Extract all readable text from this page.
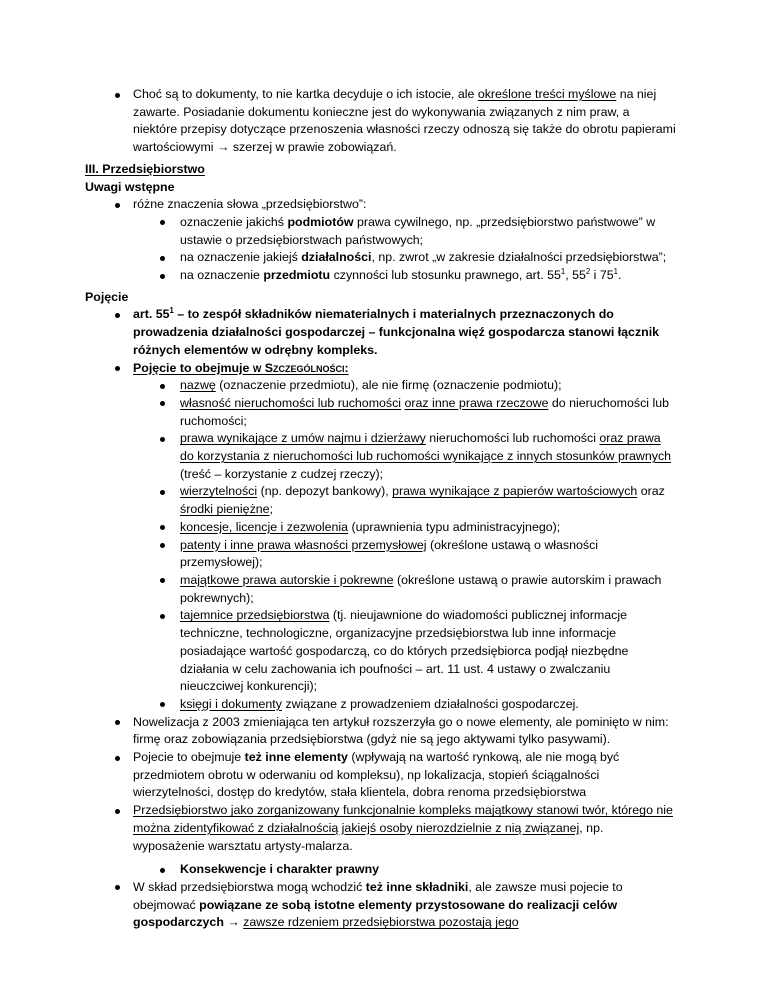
Choć są to dokumenty, to nie kartka decyduje o ich istocie, ale określone treści myślowe na niej zawarte. Posiadanie dokumentu konieczne jest do wykonywania związanych z nim praw, a niektóre przepisy dotyczące przenoszenia własności rzeczy odnoszą się także do obrotu papierami wartościowymi → szerzej w prawie zobowiązań.
III. Przedsiębiorstwo
Uwagi wstępne
różne znaczenia słowa „przedsiębiorstwo”:
oznaczenie jakichś podmiotów prawa cywilnego, np. „przedsiębiorstwo państwowe” w ustawie o przedsiębiorstwach państwowych;
na oznaczenie jakiejś działalności, np. zwrot „w zakresie działalności przedsiębiorstwa”;
na oznaczenie przedmiotu czynności lub stosunku prawnego, art. $55^1$, $55^2$ i $75^1$.
Pojęcie
art. $55^1$ – to zespół składników niematerialnych i materialnych przeznaczonych do prowadzenia działalności gospodarczej – funkcjonalna więź gospodarcza stanowi łącznik różnych elementów w odrębny kompleks.
Pojęcie to obejmuje w Szczególności:
nazwę (oznaczenie przedmiotu), ale nie firmę (oznaczenie podmiotu);
własność nieruchomości lub ruchomości oraz inne prawa rzeczowe do nieruchomości lub ruchomości;
prawa wynikające z umów najmu i dzierżawy nieruchomości lub ruchomości oraz prawa do korzystania z nieruchomości lub ruchomości wynikające z innych stosunków prawnych (treść – korzystanie z cudzej rzeczy);
wierzytelności (np. depozyt bankowy), prawa wynikające z papierów wartościowych oraz środki pieniężne;
koncesje, licencje i zezwolenia (uprawnienia typu administracyjnego);
patenty i inne prawa własności przemysłowej (określone ustawą o własności przemysłowej);
majątkowe prawa autorskie i pokrewne (określone ustawą o prawie autorskim i prawach pokrewnych);
tajemnice przedsiębiorstwa (tj. nieujawnione do wiadomości publicznej informacje techniczne, technologiczne, organizacyjne przedsiębiorstwa lub inne informacje posiadające wartość gospodarczą, co do których przedsiębiorca podjął niezbędne działania w celu zachowania ich poufności – art. 11 ust. 4 ustawy o zwalczaniu nieuczciwej konkurencji);
księgi i dokumenty związane z prowadzeniem działalności gospodarczej.
Nowelizacja z 2003 zmieniająca ten artykuł rozszerzyła go o nowe elementy, ale pominięto w nim: firmę oraz zobowiązania przedsiębiorstwa (gdyż nie są jego aktywami tylko pasywami).
Pojecie to obejmuje też inne elementy (wpływają na wartość rynkową, ale nie mogą być przedmiotem obrotu w oderwaniu od kompleksu), np lokalizacja, stopień ściągalności wierzytelności, dostęp do kredytów, stała klientela, dobra renoma przedsiębiorstwa
Przedsiębiorstwo jako zorganizowany funkcjonalnie kompleks majątkowy stanowi twór, którego nie można zidentyfikować z działalnością jakiejś osoby nierozdzielnie z nią związanej, np. wyposażenie warsztatu artysty-malarza.
Konsekwencje i charakter prawny
W skład przedsiębiorstwa mogą wchodzić też inne składniki, ale zawsze musi pojecie to obejmować powiązane ze sobą istotne elementy przystosowane do realizacji celów gospodarczych → zawsze rdzeniem przedsiębiorstwa pozostają jego
